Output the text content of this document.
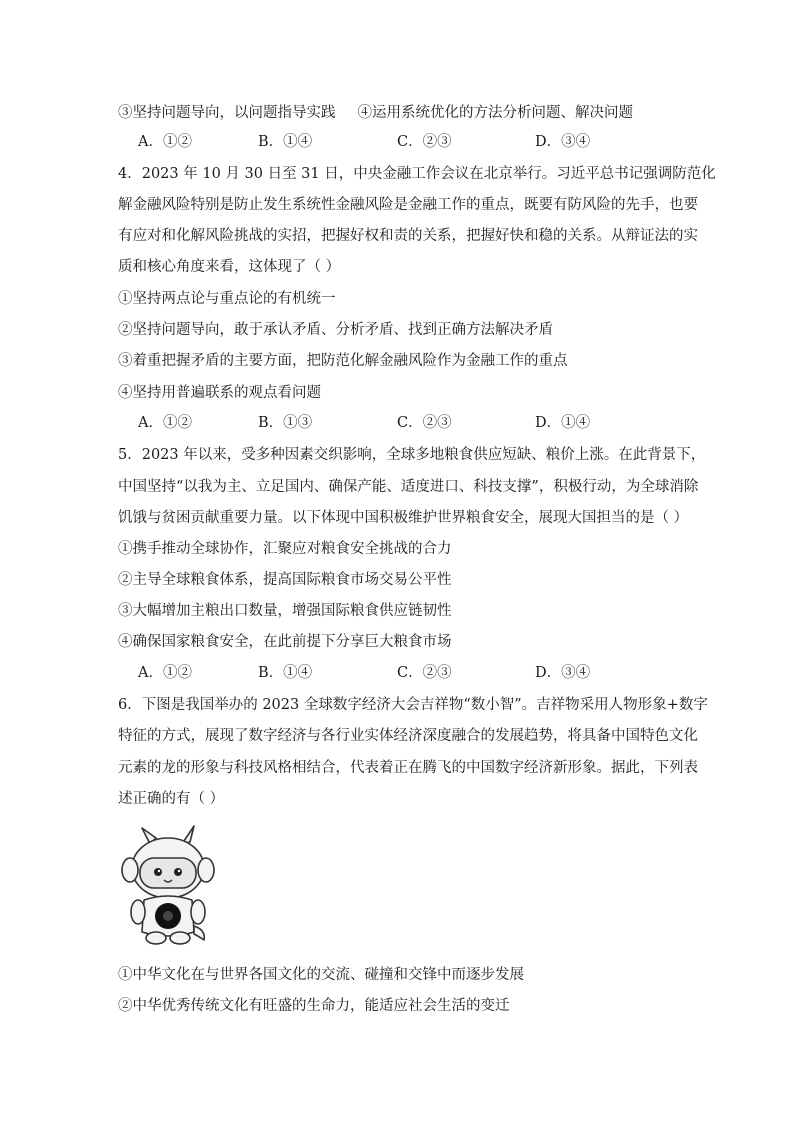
③坚持问题导向，以问题指导实践 ④运用系统优化的方法分析问题、解决问题
A．①②	B．①④	C．②③	D．③④
4．2023 年 10 月 30 日至 31 日，中央金融工作会议在北京举行。习近平总书记强调防范化
解金融风险特别是防止发生系统性金融风险是金融工作的重点，既要有防风险的先手，也要
有应对和化解风险挑战的实招，把握好权和责的关系，把握好快和稳的关系。从辩证法的实
质和核心角度来看，这体现了（ ）
①坚持两点论与重点论的有机统一
②坚持问题导向，敢于承认矛盾、分析矛盾、找到正确方法解决矛盾
③着重把握矛盾的主要方面，把防范化解金融风险作为金融工作的重点
④坚持用普遍联系的观点看问题
A．①②	B．①③	C．②③	D．①④
5．2023 年以来，受多种因素交织影响，全球多地粮食供应短缺、粮价上涨。在此背景下，
中国坚持“以我为主、立足国内、确保产能、适度进口、科技支撑”，积极行动，为全球消除
饥饿与贫困贡献重要力量。以下体现中国积极维护世界粮食安全，展现大国担当的是（ ）
①携手推动全球协作，汇聚应对粮食安全挑战的合力
②主导全球粮食体系，提高国际粮食市场交易公平性
③大幅增加主粮出口数量，增强国际粮食供应链韧性
④确保国家粮食安全，在此前提下分享巨大粮食市场
A．①②	B．①④	C．②③	D．③④
6．下图是我国举办的 2023 全球数字经济大会吉祥物“数小智”。吉祥物采用人物形象+数字
特征的方式，展现了数字经济与各行业实体经济深度融合的发展趋势，将具备中国特色文化
元素的龙的形象与科技风格相结合，代表着正在腾飞的中国数字经济新形象。据此，下列表
述正确的有（ ）
①中华文化在与世界各国文化的交流、碰撞和交锋中而逐步发展
②中华优秀传统文化有旺盛的生命力，能适应社会生活的变迁
